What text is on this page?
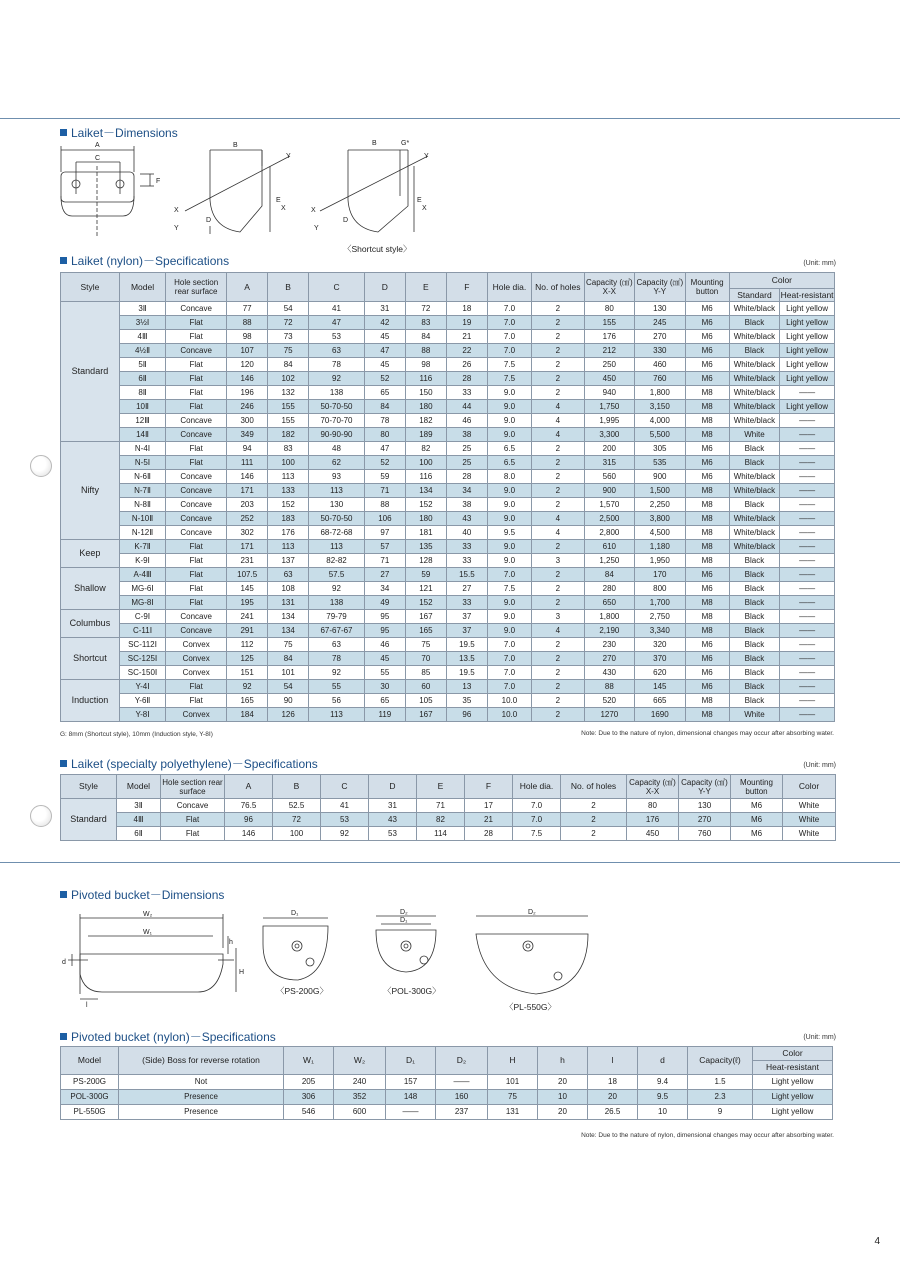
Laiket－Dimensions
A
C
F
B
Y
X
E
X
D
Y
B	G*
Y
X
E
X
D
Y
〈Shortcut style〉
Laiket (nylon)－Specifications	(Unit: mm)
Style	Model	Hole section rear surface	A	B	C	D	E	F	Hole dia.	No. of holes	Capacity (㎤) X-X	Capacity (㎤) Y-Y	Mounting button	Color	
														Standard	Heat-resistant
Standard	3Ⅱ	Concave	77	54	41	31	72	18	7.0	2	80	130	M6	White/black	Light yellow
	3½Ⅰ	Flat	88	72	47	42	83	19	7.0	2	155	245	M6	Black	Light yellow
	4Ⅲ	Flat	98	73	53	45	84	21	7.0	2	176	270	M6	White/black	Light yellow
	4½Ⅱ	Concave	107	75	63	47	88	22	7.0	2	212	330	M6	Black	Light yellow
	5Ⅱ	Flat	120	84	78	45	98	26	7.5	2	250	460	M6	White/black	Light yellow
	6Ⅱ	Flat	146	102	92	52	116	28	7.5	2	450	760	M6	White/black	Light yellow
	8Ⅱ	Flat	196	132	138	65	150	33	9.0	2	940	1,800	M8	White/black	――
	10Ⅱ	Flat	246	155	50-70-50	84	180	44	9.0	4	1,750	3,150	M8	White/black	Light yellow
	12Ⅲ	Concave	300	155	70-70-70	78	182	46	9.0	4	1,995	4,000	M8	White/black	――
	14Ⅱ	Concave	349	182	90-90-90	80	189	38	9.0	4	3,300	5,500	M8	White	――
Nifty	N-4Ⅰ	Flat	94	83	48	47	82	25	6.5	2	200	305	M6	Black	――
	N-5Ⅰ	Flat	111	100	62	52	100	25	6.5	2	315	535	M6	Black	――
	N-6Ⅱ	Concave	146	113	93	59	116	28	8.0	2	560	900	M6	White/black	――
	N-7Ⅱ	Concave	171	133	113	71	134	34	9.0	2	900	1,500	M8	White/black	――
	N-8Ⅱ	Concave	203	152	130	88	152	38	9.0	2	1,570	2,250	M8	Black	――
	N-10Ⅱ	Concave	252	183	50-70-50	106	180	43	9.0	4	2,500	3,800	M8	White/black	――
	N-12Ⅱ	Concave	302	176	68-72-68	97	181	40	9.5	4	2,800	4,500	M8	White/black	――
Keep	K-7Ⅱ	Flat	171	113	113	57	135	33	9.0	2	610	1,180	M8	White/black	――
	K-9Ⅰ	Flat	231	137	82-82	71	128	33	9.0	3	1,250	1,950	M8	Black	――
Shallow	A-4Ⅲ	Flat	107.5	63	57.5	27	59	15.5	7.0	2	84	170	M6	Black	――
	MG-6Ⅰ	Flat	145	108	92	34	121	27	7.5	2	280	800	M6	Black	――
	MG-8Ⅰ	Flat	195	131	138	49	152	33	9.0	2	650	1,700	M8	Black	――
Columbus	C-9Ⅰ	Concave	241	134	79-79	95	167	37	9.0	3	1,800	2,750	M8	Black	――
	C-11Ⅰ	Concave	291	134	67-67-67	95	165	37	9.0	4	2,190	3,340	M8	Black	――
Shortcut	SC-112Ⅰ	Convex	112	75	63	46	75	19.5	7.0	2	230	320	M6	Black	――
	SC-125Ⅰ	Convex	125	84	78	45	70	13.5	7.0	2	270	370	M6	Black	――
	SC-150Ⅰ	Convex	151	101	92	55	85	19.5	7.0	2	430	620	M6	Black	――
Induction	Y-4Ⅰ	Flat	92	54	55	30	60	13	7.0	2	88	145	M6	Black	――
	Y-6Ⅱ	Flat	165	90	56	65	105	35	10.0	2	520	665	M8	Black	――
	Y-8Ⅰ	Convex	184	126	113	119	167	96	10.0	2	1270	1690	M8	White	――
G: 8mm (Shortcut style), 10mm (Induction style, Y-8Ⅰ)	Note: Due to the nature of nylon, dimensional changes may occur after absorbing water.
Laiket (specialty polyethylene)－Specifications	(Unit: mm)
Style	Model	Hole section rear surface	A	B	C	D	E	F	Hole dia.	No. of holes	Capacity (㎤) X-X	Capacity (㎤) Y-Y	Mounting button	Color
Standard	3Ⅱ	Concave	76.5	52.5	41	31	71	17	7.0	2	80	130	M6	White
	4Ⅲ	Flat	96	72	53	43	82	21	7.0	2	176	270	M6	White
	6Ⅱ	Flat	146	100	92	53	114	28	7.5	2	450	760	M6	White
Pivoted bucket－Dimensions
W₂
W₁
h
H
d
l
D₁	D₂
D₁
D₂
〈PS-200G〉	〈POL-300G〉
〈PL-550G〉
Pivoted bucket (nylon)－Specifications	(Unit: mm)
Model	(Side) Boss for reverse rotation	W₁	W₂	D₁	D₂	H	h	l	d	Capacity(ℓ)	Color
											Heat-resistant
PS-200G	Not	205	240	157	――	101	20	18	9.4	1.5	Light yellow
POL-300G	Presence	306	352	148	160	75	10	20	9.5	2.3	Light yellow
PL-550G	Presence	546	600	――	237	131	20	26.5	10	9	Light yellow
Note: Due to the nature of nylon, dimensional changes may occur after absorbing water.
4
